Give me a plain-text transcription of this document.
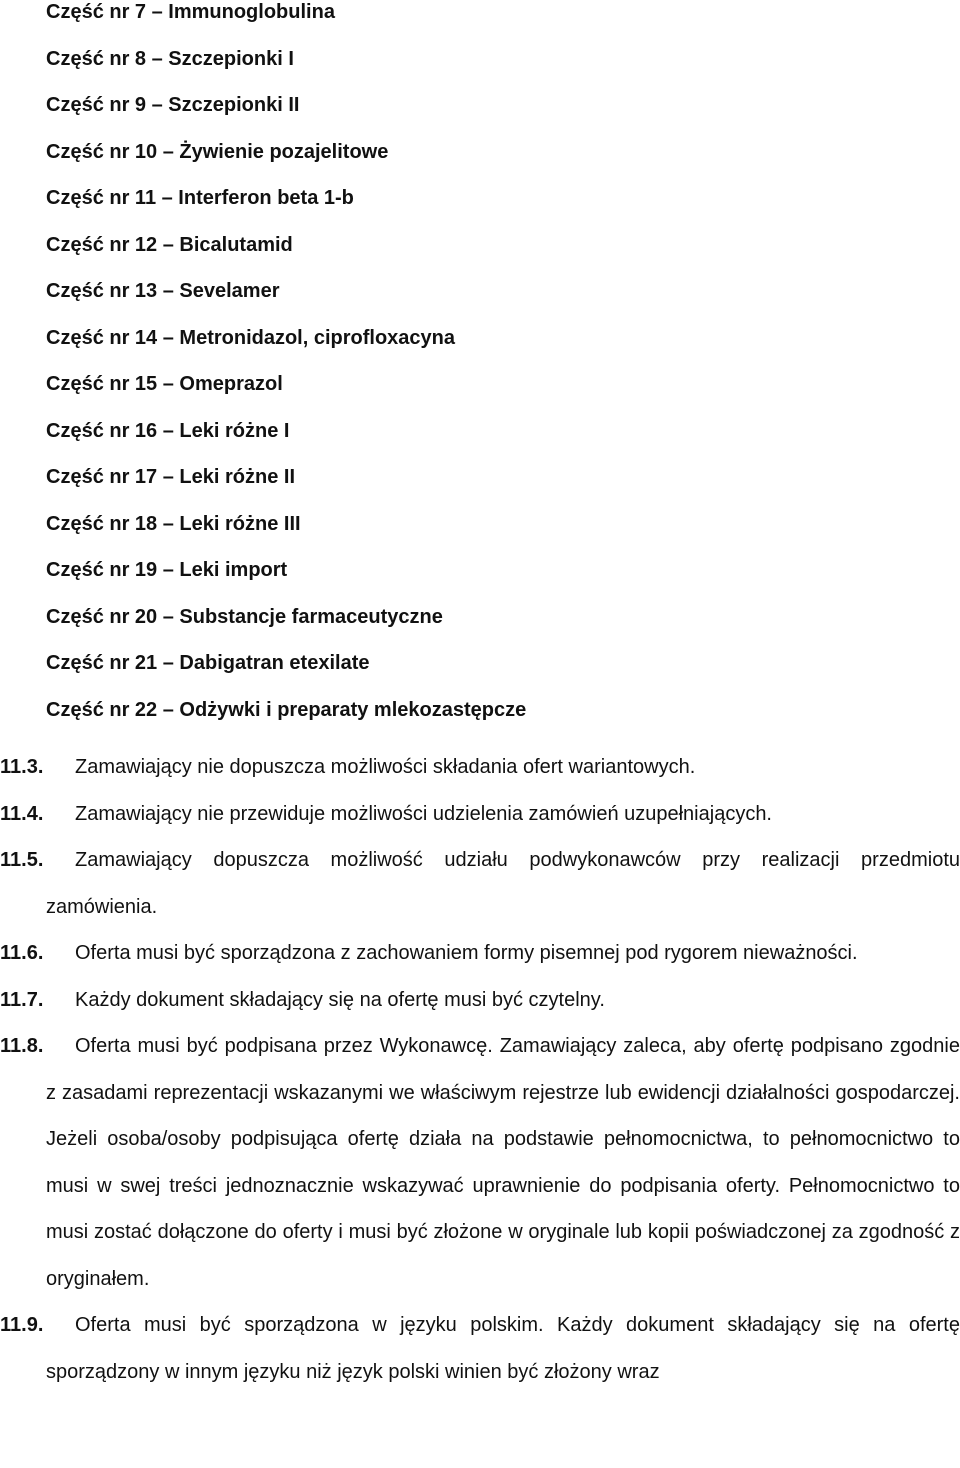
Część nr 7 – Immunoglobulina
Część nr 8 – Szczepionki I
Część nr 9 – Szczepionki II
Część nr 10 – Żywienie pozajelitowe
Część nr 11 – Interferon beta 1-b
Część nr 12 – Bicalutamid
Część nr 13 – Sevelamer
Część nr 14 – Metronidazol, ciprofloxacyna
Część nr 15 – Omeprazol
Część nr 16 – Leki różne I
Część nr 17 – Leki różne II
Część nr 18 – Leki różne III
Część nr 19 – Leki import
Część nr 20 – Substancje farmaceutyczne
Część nr 21 – Dabigatran etexilate
Część nr 22 – Odżywki i preparaty mlekozastępcze
11.3.	Zamawiający nie dopuszcza możliwości składania ofert wariantowych.
11.4.	Zamawiający nie przewiduje możliwości udzielenia zamówień uzupełniających.
11.5.	Zamawiający dopuszcza możliwość udziału podwykonawców przy realizacji przedmiotu zamówienia.
11.6.	Oferta musi być sporządzona z zachowaniem formy pisemnej pod rygorem nieważności.
11.7.	Każdy dokument składający się na ofertę musi być czytelny.
11.8.	Oferta musi być podpisana przez Wykonawcę. Zamawiający zaleca, aby ofertę podpisano zgodnie z zasadami reprezentacji wskazanymi we właściwym rejestrze lub ewidencji działalności gospodarczej. Jeżeli osoba/osoby podpisująca ofertę działa na podstawie pełnomocnictwa, to pełnomocnictwo to musi w swej treści jednoznacznie wskazywać uprawnienie do podpisania oferty. Pełnomocnictwo to musi zostać dołączone do oferty i musi być złożone w oryginale lub kopii poświadczonej za zgodność z oryginałem.
11.9.	Oferta musi być sporządzona w języku polskim. Każdy dokument składający się na ofertę sporządzony w innym języku niż język polski winien być złożony wraz
